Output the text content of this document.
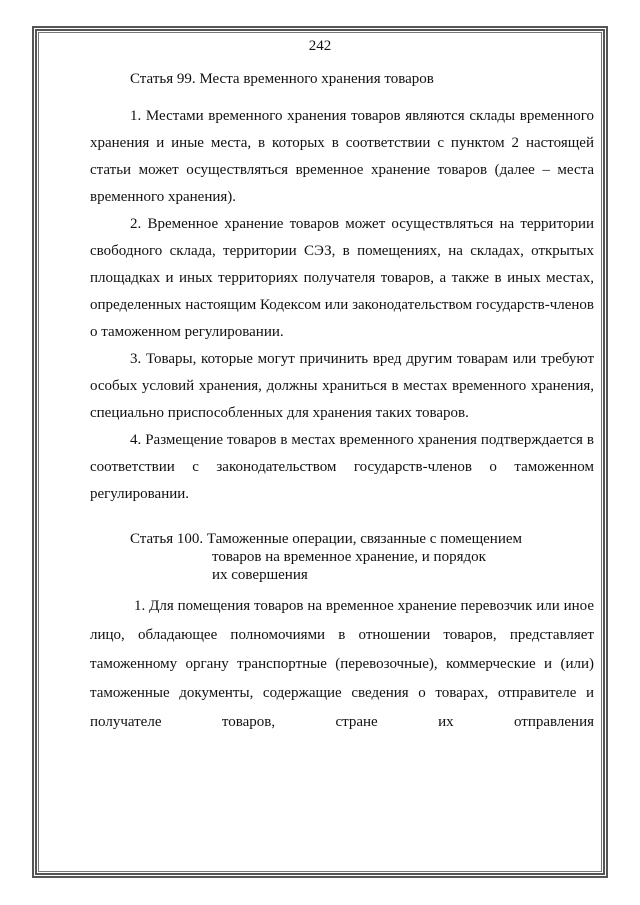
242

Статья 99. Места временного хранения товаров

1. Местами временного хранения товаров являются склады временного хранения и иные места, в которых в соответствии с пунктом 2 настоящей статьи может осуществляться временное хранение товаров (далее – места временного хранения).

2. Временное хранение товаров может осуществляться на территории свободного склада, территории СЭЗ, в помещениях, на складах, открытых площадках и иных территориях получателя товаров, а также в иных местах, определенных настоящим Кодексом или законодательством государств-членов о таможенном регулировании.

3. Товары, которые могут причинить вред другим товарам или требуют особых условий хранения, должны храниться в местах временного хранения, специально приспособленных для хранения таких товаров.

4. Размещение товаров в местах временного хранения подтверждается в соответствии с законодательством государств-членов о таможенном регулировании.

Статья 100. Таможенные операции, связанные с помещением
товаров на временное хранение, и порядок
их совершения

1. Для помещения товаров на временное хранение перевозчик или иное лицо, обладающее полномочиями в отношении товаров, представляет таможенному органу транспортные (перевозочные), коммерческие и (или) таможенные документы, содержащие сведения о товарах, отправителе и получателе товаров, стране их отправления
